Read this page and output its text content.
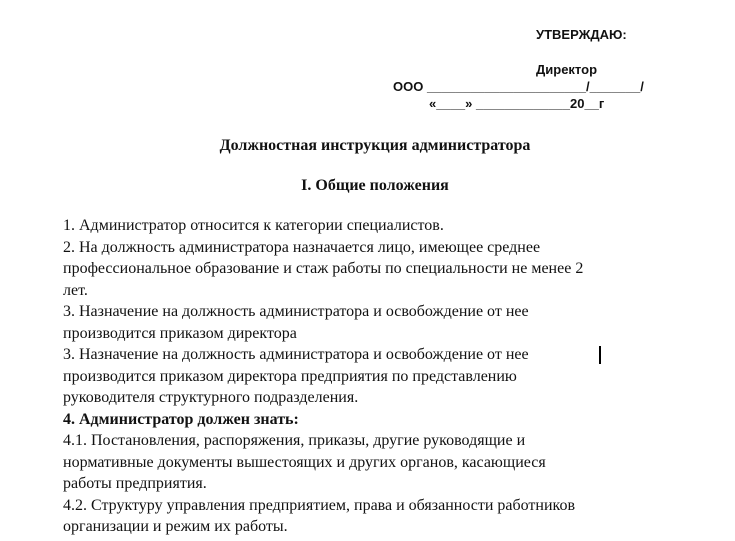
УТВЕРЖДАЮ:
Директор
ООО ______________________/_______/
«____» _____________20__г
Должностная инструкция администратора
I. Общие положения
1. Администратор относится к категории специалистов.
2. На должность администратора назначается лицо, имеющее среднее
профессиональное образование и стаж работы по специальности не менее 2
лет.
3. Назначение на должность администратора и освобождение от нее
производится приказом директора
3. Назначение на должность администратора и освобождение от нее
производится приказом директора предприятия по представлению
руководителя структурного подразделения.
4. Администратор должен знать:
4.1. Постановления, распоряжения, приказы, другие руководящие и
нормативные документы вышестоящих и других органов, касающиеся
работы предприятия.
4.2. Структуру управления предприятием, права и обязанности работников
организации и режим их работы.
